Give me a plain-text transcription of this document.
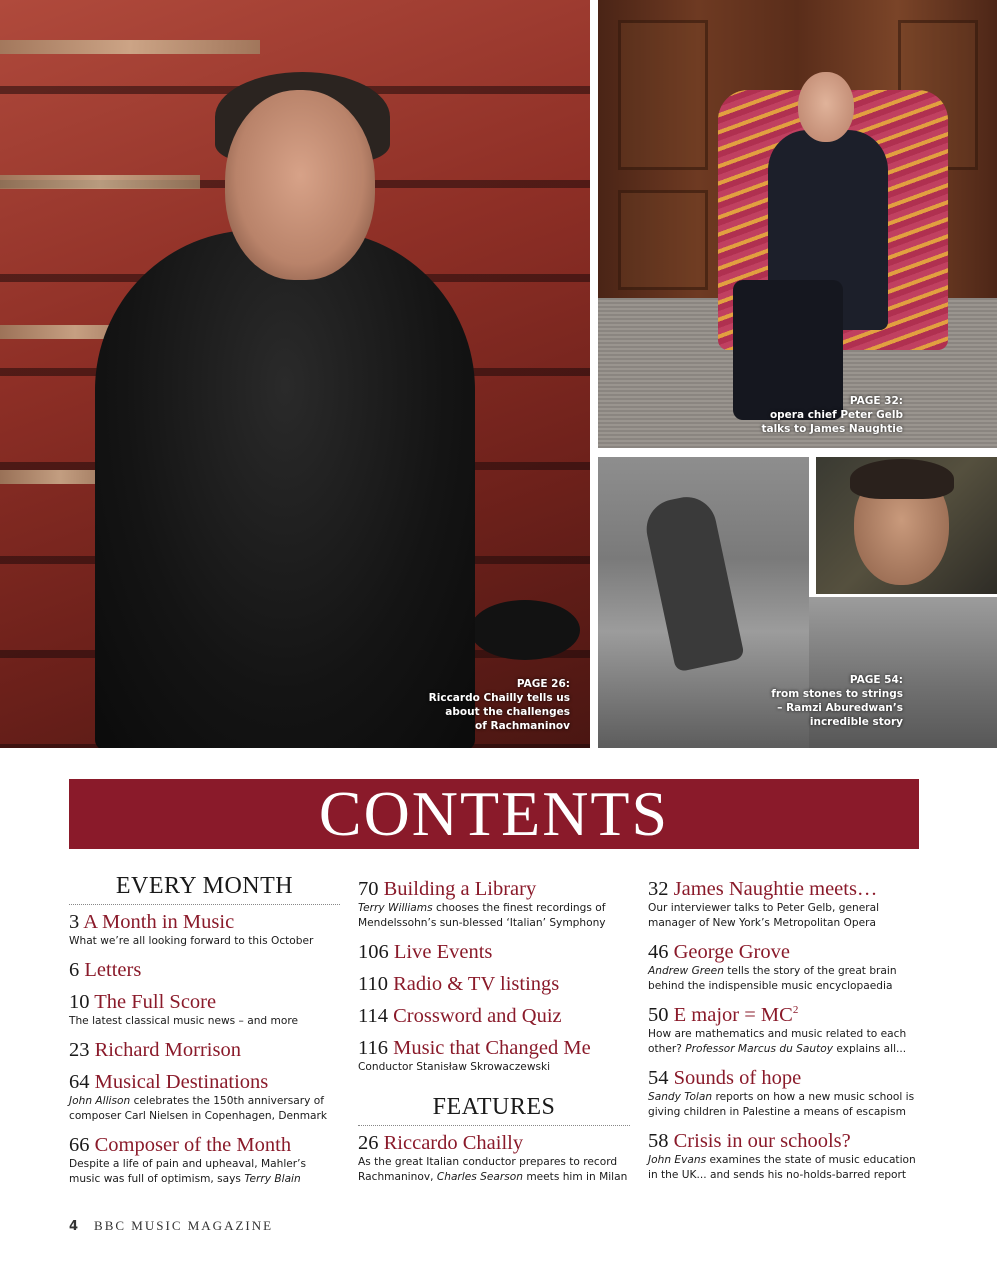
PAGE 26:
Riccardo Chailly tells us
about the challenges
of Rachmaninov
PAGE 32:
opera chief Peter Gelb
talks to James Naughtie
PAGE 54:
from stones to strings
– Ramzi Aburedwan’s
incredible story
CONTENTS
EVERY MONTH
3 A Month in Music
What we’re all looking forward to this October
6 Letters
10 The Full Score
The latest classical music news – and more
23 Richard Morrison
64 Musical Destinations
John Allison celebrates the 150th anniversary of composer Carl Nielsen in Copenhagen, Denmark
66 Composer of the Month
Despite a life of pain and upheaval, Mahler’s music was full of optimism, says Terry Blain
70 Building a Library
Terry Williams chooses the finest recordings of Mendelssohn’s sun-blessed ‘Italian’ Symphony
106 Live Events
110 Radio & TV listings
114 Crossword and Quiz
116 Music that Changed Me
Conductor Stanisław Skrowaczewski
FEATURES
26 Riccardo Chailly
As the great Italian conductor prepares to record Rachmaninov, Charles Searson meets him in Milan
32 James Naughtie meets…
Our interviewer talks to Peter Gelb, general manager of New York’s Metropolitan Opera
46 George Grove
Andrew Green tells the story of the great brain behind the indispensible music encyclopaedia
50 E major = $MC^2$
How are mathematics and music related to each other? Professor Marcus du Sautoy explains all...
54 Sounds of hope
Sandy Tolan reports on how a new music school is giving children in Palestine a means of escapism
58 Crisis in our schools?
John Evans examines the state of music education in the UK... and sends his no-holds-barred report
4 BBC MUSIC MAGAZINE
